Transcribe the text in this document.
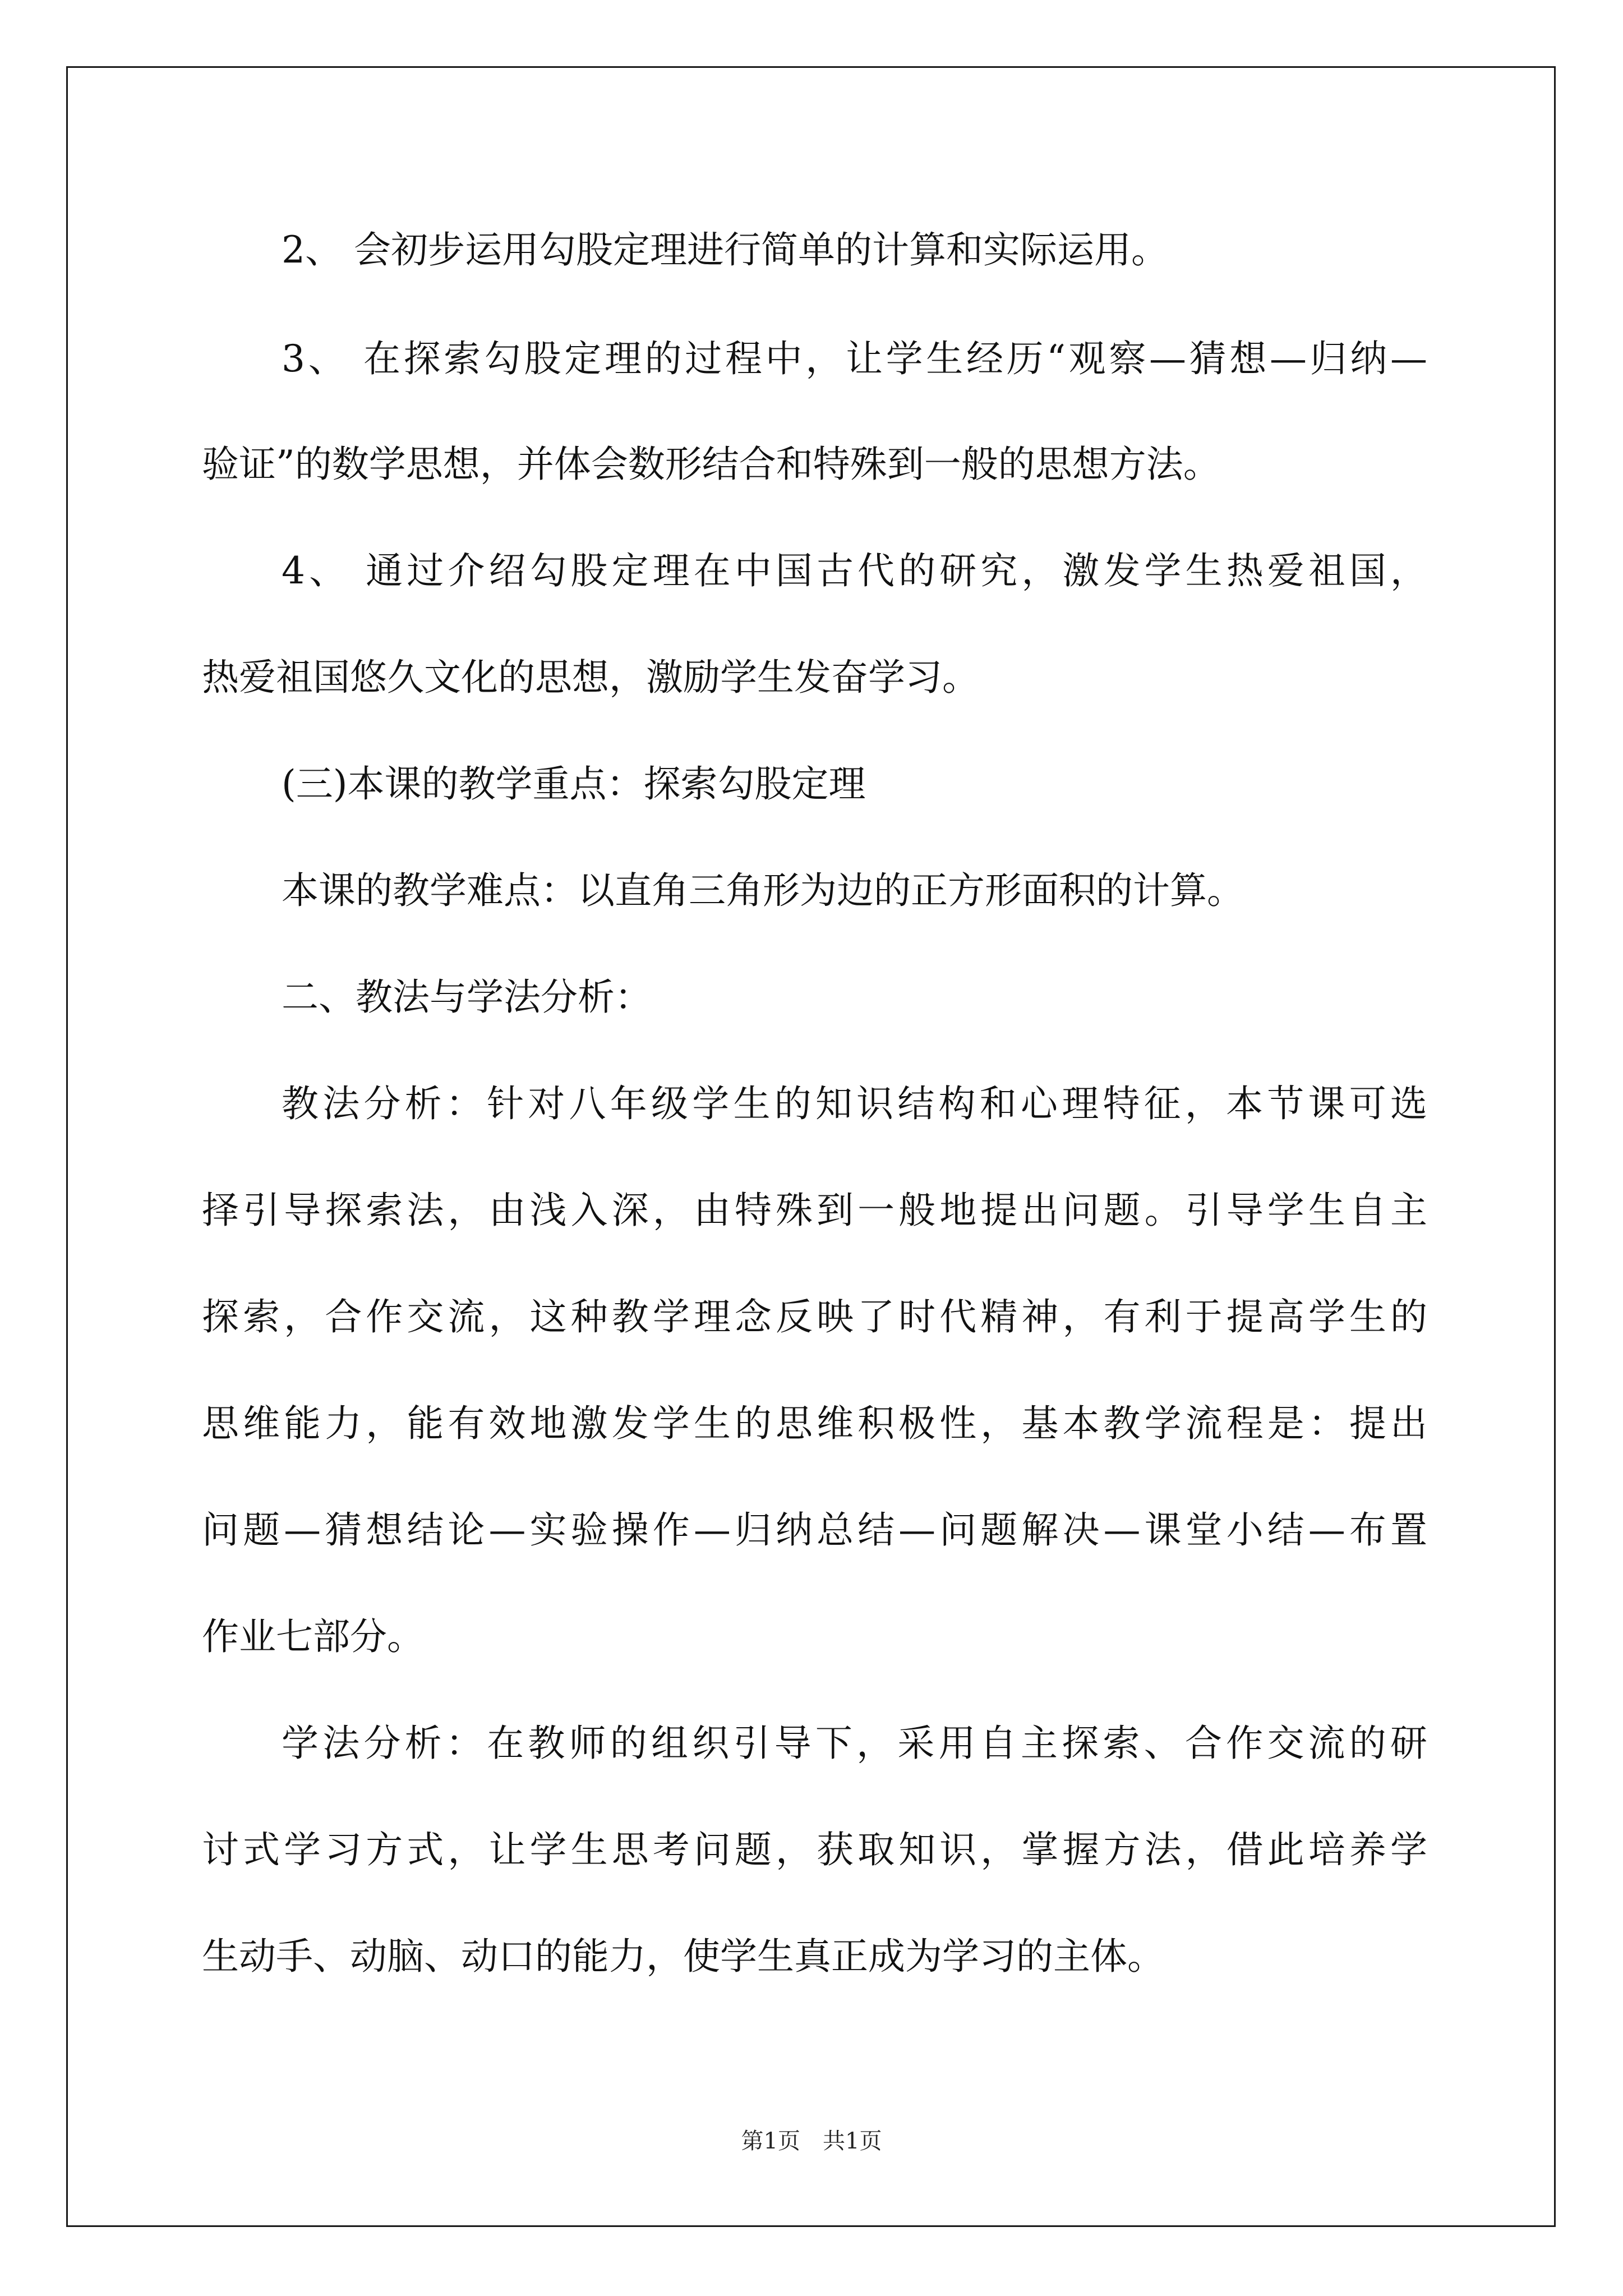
2、 会初步运用勾股定理进行简单的计算和实际运用。
3、 在探索勾股定理的过程中，让学生经历“观察—猜想—归纳—
验证”的数学思想，并体会数形结合和特殊到一般的思想方法。
4、 通过介绍勾股定理在中国古代的研究，激发学生热爱祖国，
热爱祖国悠久文化的思想，激励学生发奋学习。
(三)本课的教学重点：探索勾股定理
本课的教学难点：以直角三角形为边的正方形面积的计算。
二、教法与学法分析：
教法分析：针对八年级学生的知识结构和心理特征，本节课可选
择引导探索法，由浅入深，由特殊到一般地提出问题。引导学生自主
探索，合作交流，这种教学理念反映了时代精神，有利于提高学生的
思维能力，能有效地激发学生的思维积极性，基本教学流程是：提出
问题—猜想结论—实验操作—归纳总结—问题解决—课堂小结—布置
作业七部分。
学法分析：在教师的组织引导下，采用自主探索、合作交流的研
讨式学习方式，让学生思考问题，获取知识，掌握方法，借此培养学
生动手、动脑、动口的能力，使学生真正成为学习的主体。
第1页　共1页
